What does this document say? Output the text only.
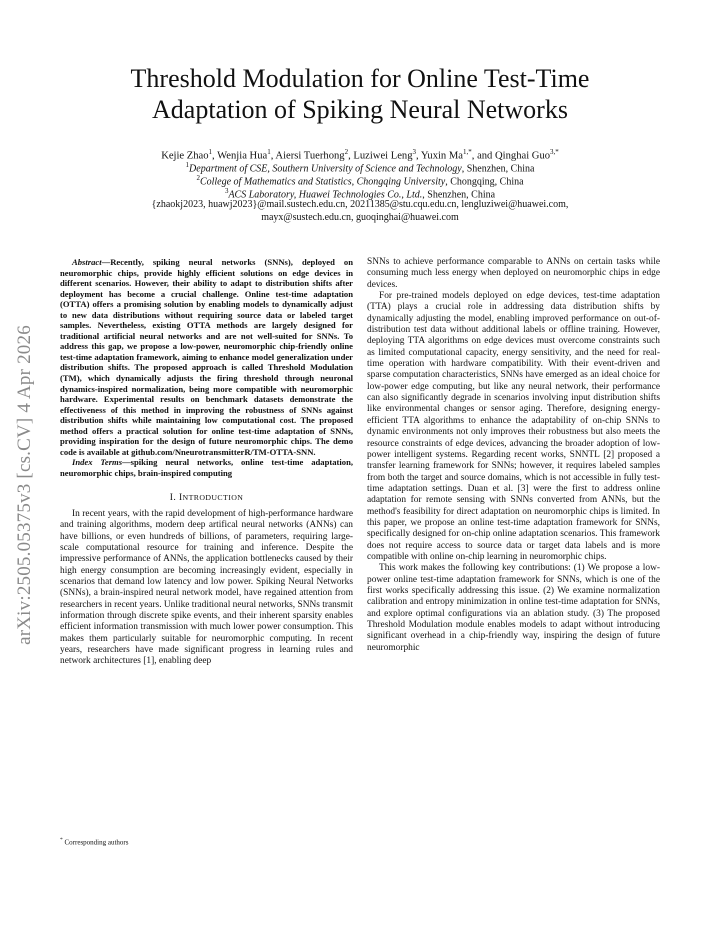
arXiv:2505.05375v3 [cs.CV] 4 Apr 2026
Threshold Modulation for Online Test-Time
Adaptation of Spiking Neural Networks
Kejie Zhao$^1$, Wenjia Hua$^1$, Aiersi Tuerhong$^2$, Luziwei Leng$^3$, Yuxin $Ma^{1,*}$, and Qinghai Guo$^{3,*}$
$^1$Department of CSE, Southern University of Science and Technology, Shenzhen, China
$^2$College of Mathematics and Statistics, Chongqing University, Chongqing, China
$^3$ACS Laboratory, Huawei Technologies Co., Ltd., Shenzhen, China
{zhaokj2023, huawj2023}@mail.sustech.edu.cn, 20211385@stu.cqu.edu.cn, lengluziwei@huawei.com,
mayx@sustech.edu.cn, guoqinghai@huawei.com
Abstract—Recently, spiking neural networks (SNNs), deployed on neuromorphic chips, provide highly efficient solutions on edge devices in different scenarios. However, their ability to adapt to distribution shifts after deployment has become a crucial challenge. Online test-time adaptation (OTTA) offers a promising solution by enabling models to dynamically adjust to new data distributions without requiring source data or labeled target samples. Nevertheless, existing OTTA methods are largely designed for traditional artificial neural networks and are not well-suited for SNNs. To address this gap, we propose a low-power, neuromorphic chip-friendly online test-time adaptation framework, aiming to enhance model generalization under distribution shifts. The proposed approach is called Threshold Modulation (TM), which dynamically adjusts the firing threshold through neuronal dynamics-inspired normalization, being more compatible with neuromorphic hardware. Experimental results on benchmark datasets demonstrate the effectiveness of this method in improving the robustness of SNNs against distribution shifts while maintaining low computational cost. The proposed method offers a practical solution for online test-time adaptation of SNNs, providing inspiration for the design of future neuromorphic chips. The demo code is available at github.com/NneurotransmitterR/TM-OTTA-SNN.
Index Terms—spiking neural networks, online test-time adaptation, neuromorphic chips, brain-inspired computing
I. INTRODUCTION

In recent years, with the rapid development of high-performance hardware and training algorithms, modern deep artifical neural networks (ANNs) can have billions, or even hundreds of billions, of parameters, requiring large-scale computational resource for training and inference. Despite the impressive performance of ANNs, the application bottlenecks caused by their high energy consumption are becoming increasingly evident, especially in scenarios that demand low latency and low power. Spiking Neural Networks (SNNs), a brain-inspired neural network model, have regained attention from researchers in recent years. Unlike traditional neural networks, SNNs transmit information through discrete spike events, and their inherent sparsity enables efficient information transmission with much lower power consumption. This makes them particularly suitable for neuromorphic computing. In recent years, researchers have made significant progress in learning rules and network architectures [1], enabling deep

* Corresponding authors

SNNs to achieve performance comparable to ANNs on certain tasks while consuming much less energy when deployed on neuromorphic chips in edge devices.

For pre-trained models deployed on edge devices, test-time adaptation (TTA) plays a crucial role in addressing data distribution shifts by dynamically adjusting the model, enabling improved performance on out-of-distribution test data without additional labels or offline training. However, deploying TTA algorithms on edge devices must overcome constraints such as limited computational capacity, energy sensitivity, and the need for real-time operation with hardware compatibility. With their event-driven and sparse computation characteristics, SNNs have emerged as an ideal choice for low-power edge computing, but like any neural network, their performance can also significantly degrade in scenarios involving input distribution shifts like environmental changes or sensor aging. Therefore, designing energy-efficient TTA algorithms to enhance the adaptability of on-chip SNNs to dynamic environments not only improves their robustness but also meets the resource constraints of edge devices, advancing the broader adoption of low-power intelligent systems. Regarding recent works, SNNTL [2] proposed a transfer learning framework for SNNs; however, it requires labeled samples from both the target and source domains, which is not accessible in fully test-time adaptation settings. Duan et al. [3] were the first to address online adaptation for remote sensing with SNNs converted from ANNs, but the method's feasibility for direct adaptation on neuromorphic chips is limited. In this paper, we propose an online test-time adaptation framework for SNNs, specifically designed for on-chip online adaptation scenarios. This framework does not require access to source data or target data labels and is more compatible with online on-chip learning in neuromorphic chips.

This work makes the following key contributions: (1) We propose a low-power online test-time adaptation framework for SNNs, which is one of the first works specifically addressing this issue. (2) We examine normalization calibration and entropy minimization in online test-time adaptation for SNNs, and explore optimal configurations via an ablation study. (3) The proposed Threshold Modulation module enables models to adapt without introducing significant overhead in a chip-friendly way, inspiring the design of future neuromorphic
